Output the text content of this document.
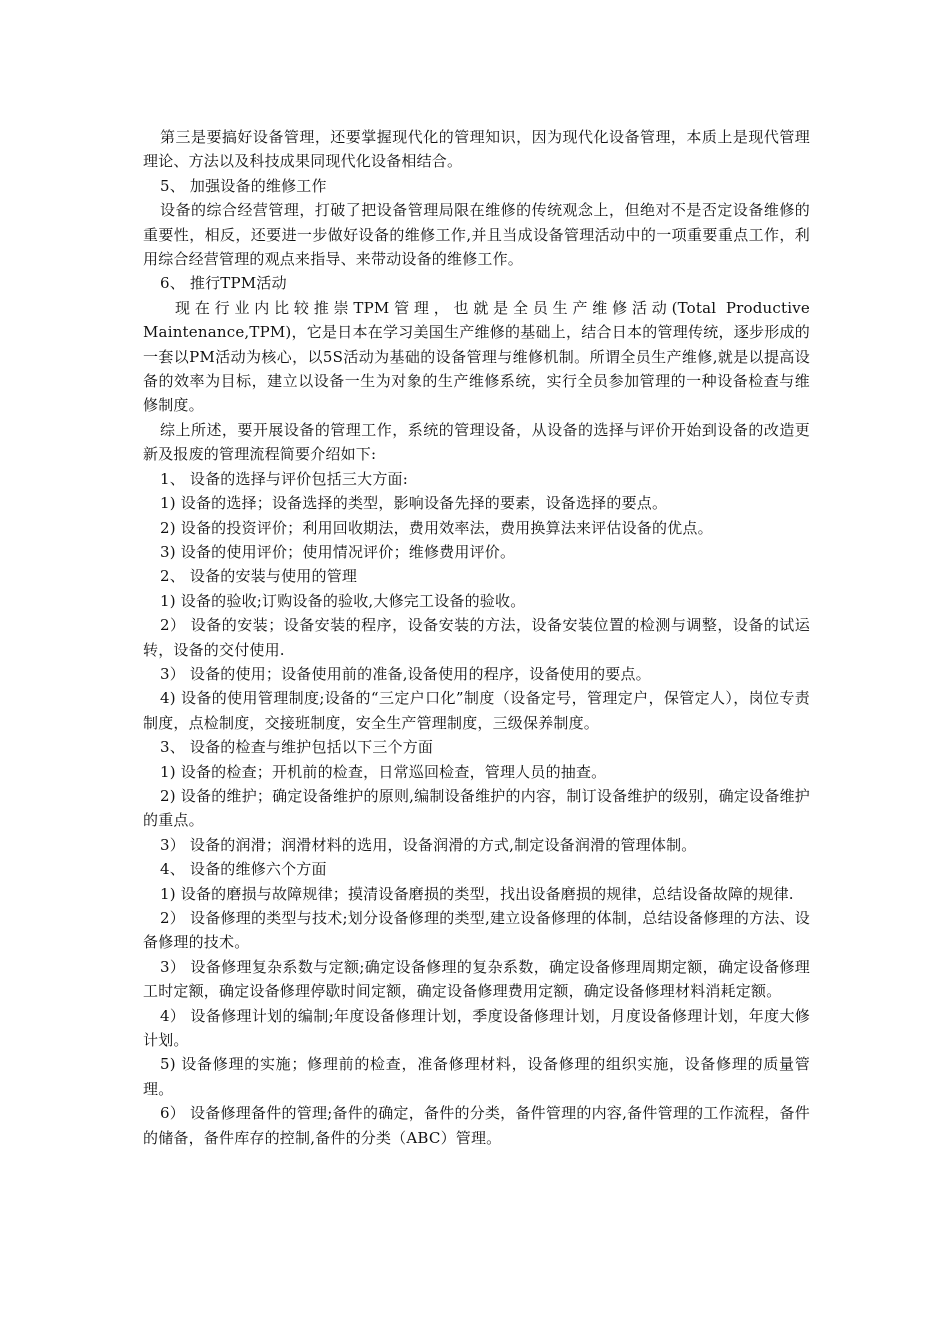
第三是要搞好设备管理，还要掌握现代化的管理知识，因为现代化设备管理，本质上是现代管理理论、方法以及科技成果同现代化设备相结合。

5、 加强设备的维修工作

设备的综合经营管理，打破了把设备管理局限在维修的传统观念上，但绝对不是否定设备维修的重要性，相反，还要进一步做好设备的维修工作,并且当成设备管理活动中的一项重要重点工作，利用综合经营管理的观点来指导、来带动设备的维修工作。

6、 推行TPM活动

现在行业内比较推崇TPM管理，也就是全员生产维修活动(Total Productive Maintenance,TPM)，它是日本在学习美国生产维修的基础上，结合日本的管理传统，逐步形成的一套以PM活动为核心，以5S活动为基础的设备管理与维修机制。所谓全员生产维修,就是以提高设备的效率为目标，建立以设备一生为对象的生产维修系统，实行全员参加管理的一种设备检查与维修制度。

综上所述，要开展设备的管理工作，系统的管理设备，从设备的选择与评价开始到设备的改造更新及报废的管理流程简要介绍如下:

1、 设备的选择与评价包括三大方面:

1) 设备的选择；设备选择的类型，影响设备先择的要素，设备选择的要点。

2) 设备的投资评价；利用回收期法，费用效率法，费用换算法来评估设备的优点。

3) 设备的使用评价；使用情况评价；维修费用评价。

2、 设备的安装与使用的管理

1) 设备的验收;订购设备的验收,大修完工设备的验收。

2） 设备的安装；设备安装的程序，设备安装的方法，设备安装位置的检测与调整，设备的试运转，设备的交付使用.

3） 设备的使用；设备使用前的准备,设备使用的程序，设备使用的要点。

4) 设备的使用管理制度;设备的“三定户口化”制度（设备定号，管理定户，保管定人），岗位专责制度，点检制度，交接班制度，安全生产管理制度，三级保养制度。

3、 设备的检查与维护包括以下三个方面

1) 设备的检查；开机前的检查，日常巡回检查，管理人员的抽查。

2) 设备的维护；确定设备维护的原则,编制设备维护的内容，制订设备维护的级别，确定设备维护的重点。

3） 设备的润滑；润滑材料的选用，设备润滑的方式,制定设备润滑的管理体制。

4、 设备的维修六个方面

1) 设备的磨损与故障规律；摸清设备磨损的类型，找出设备磨损的规律，总结设备故障的规律.

2） 设备修理的类型与技术;划分设备修理的类型,建立设备修理的体制，总结设备修理的方法、设备修理的技术。

3） 设备修理复杂系数与定额;确定设备修理的复杂系数，确定设备修理周期定额，确定设备修理工时定额，确定设备修理停歇时间定额，确定设备修理费用定额，确定设备修理材料消耗定额。

4） 设备修理计划的编制;年度设备修理计划，季度设备修理计划，月度设备修理计划，年度大修计划。

5) 设备修理的实施；修理前的检查，准备修理材料，设备修理的组织实施，设备修理的质量管理。

6） 设备修理备件的管理;备件的确定，备件的分类，备件管理的内容,备件管理的工作流程，备件的储备，备件库存的控制,备件的分类（ABC）管理。
